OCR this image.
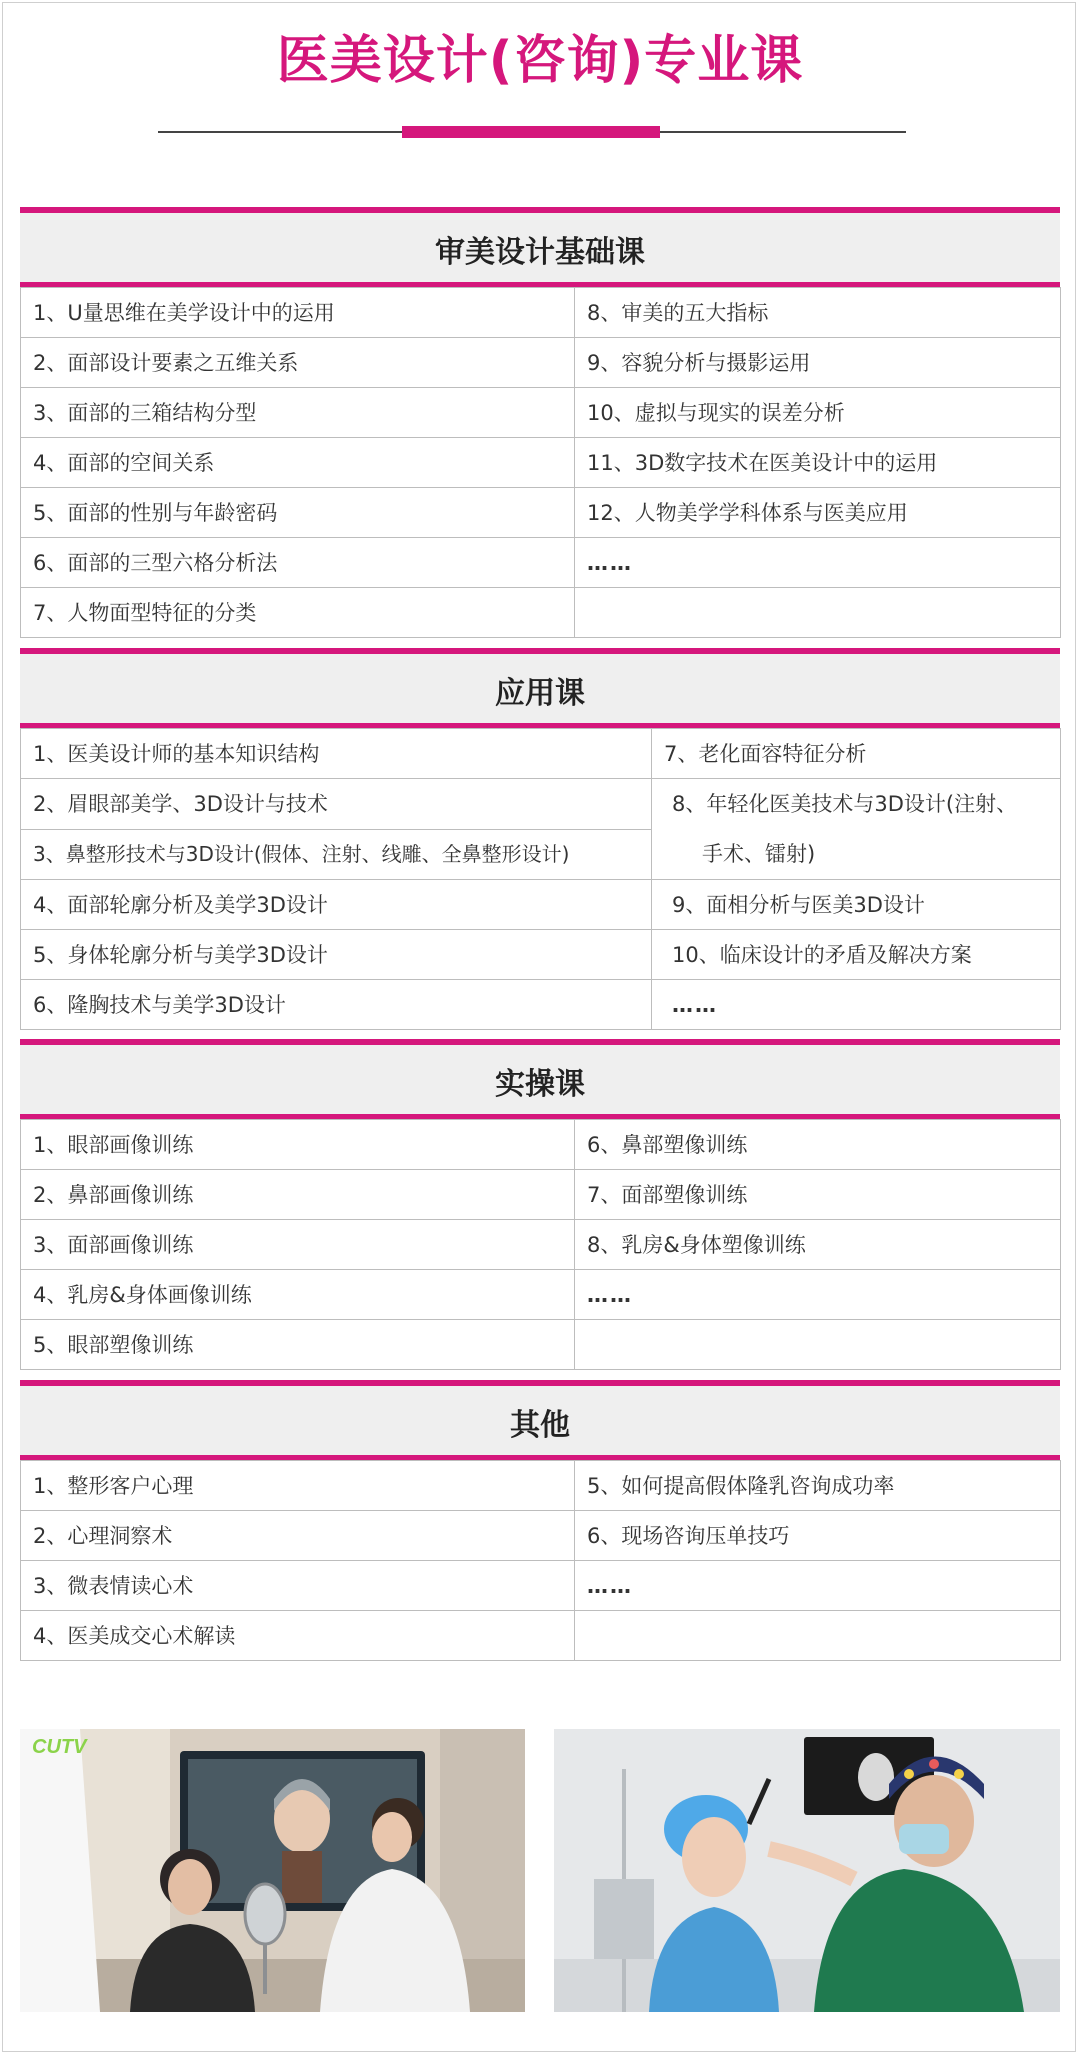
医美设计(咨询)专业课
审美设计基础课
1、U量思维在美学设计中的运用	8、审美的五大指标
2、面部设计要素之五维关系	9、容貌分析与摄影运用
3、面部的三箱结构分型	10、虚拟与现实的误差分析
4、面部的空间关系	11、3D数字技术在医美设计中的运用
5、面部的性别与年龄密码	12、人物美学学科体系与医美应用
6、面部的三型六格分析法	……
7、人物面型特征的分类	
应用课
1、医美设计师的基本知识结构	7、老化面容特征分析
2、眉眼部美学、3D设计与技术	8、年轻化医美技术与3D设计(注射、
手术、镭射)

3、鼻整形技术与3D设计(假体、注射、线雕、全鼻整形设计)	
4、面部轮廓分析及美学3D设计	9、面相分析与医美3D设计
5、身体轮廓分析与美学3D设计	10、临床设计的矛盾及解决方案
6、隆胸技术与美学3D设计	……
实操课
1、眼部画像训练	6、鼻部塑像训练
2、鼻部画像训练	7、面部塑像训练
3、面部画像训练	8、乳房&身体塑像训练
4、乳房&身体画像训练	……
5、眼部塑像训练	
其他
1、整形客户心理	5、如何提高假体隆乳咨询成功率
2、心理洞察术	6、现场咨询压单技巧
3、微表情读心术	……
4、医美成交心术解读	
CUTV
